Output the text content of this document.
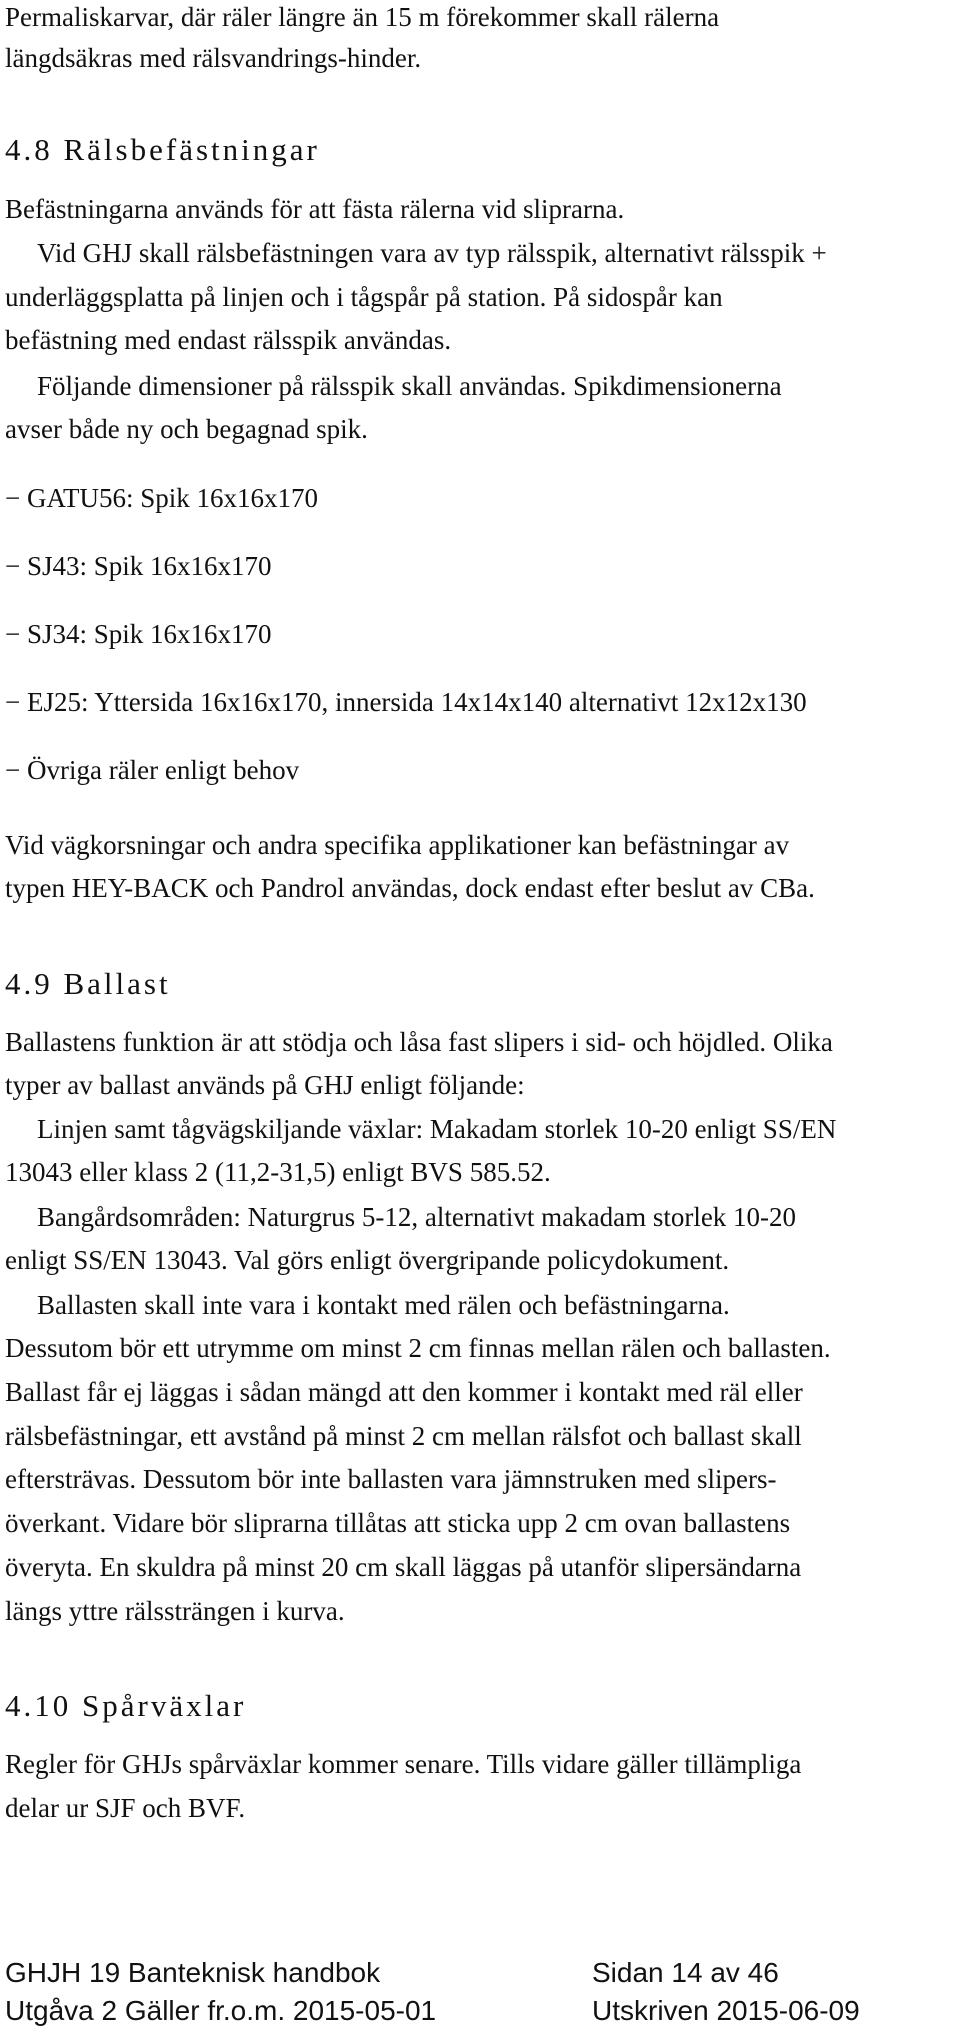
Permaliskarvar, där räler längre än 15 m förekommer skall rälerna
längdsäkras med rälsvandrings-hinder.
4.8 Rälsbefästningar
Befästningarna används för att fästa rälerna vid sliprarna.
Vid GHJ skall rälsbefästningen vara av typ rälsspik, alternativt rälsspik +
underläggsplatta på linjen och i tågspår på station. På sidospår kan
befästning med endast rälsspik användas.
Följande dimensioner på rälsspik skall användas. Spikdimensionerna
avser både ny och begagnad spik.
− GATU56: Spik 16x16x170
− SJ43: Spik 16x16x170
− SJ34: Spik 16x16x170
− EJ25: Yttersida 16x16x170, innersida 14x14x140 alternativt 12x12x130
− Övriga räler enligt behov
Vid vägkorsningar och andra specifika applikationer kan befästningar av
typen HEY-BACK och Pandrol användas, dock endast efter beslut av CBa.
4.9 Ballast
Ballastens funktion är att stödja och låsa fast slipers i sid- och höjdled. Olika
typer av ballast används på GHJ enligt följande:
Linjen samt tågvägskiljande växlar: Makadam storlek 10-20 enligt SS/EN
13043 eller klass 2 (11,2-31,5) enligt BVS 585.52.
Bangårdsområden: Naturgrus 5-12, alternativt makadam storlek 10-20
enligt SS/EN 13043. Val görs enligt övergripande policydokument.
Ballasten skall inte vara i kontakt med rälen och befästningarna.
Dessutom bör ett utrymme om minst 2 cm finnas mellan rälen och ballasten.
Ballast får ej läggas i sådan mängd att den kommer i kontakt med räl eller
rälsbefästningar, ett avstånd på minst 2 cm mellan rälsfot och ballast skall
eftersträvas. Dessutom bör inte ballasten vara jämnstruken med slipers-
överkant. Vidare bör sliprarna tillåtas att sticka upp 2 cm ovan ballastens
överyta. En skuldra på minst 20 cm skall läggas på utanför slipersändarna
längs yttre rälssträngen i kurva.
4.10 Spårväxlar
Regler för GHJs spårväxlar kommer senare. Tills vidare gäller tillämpliga
delar ur SJF och BVF.
GHJH 19 Banteknisk handbok	Sidan 14 av 46
Utgåva 2 Gäller fr.o.m. 2015-05-01	Utskriven 2015-06-09
